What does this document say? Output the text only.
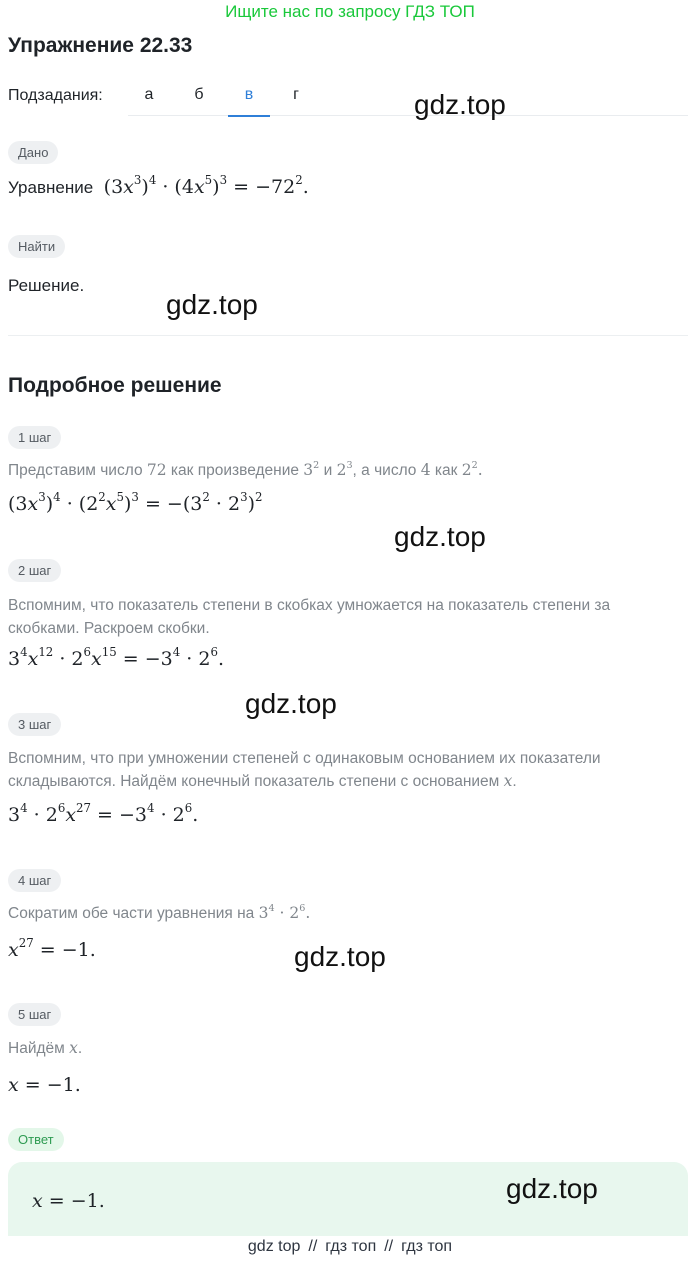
Ищите нас по запросу ГДЗ ТОП
Упражнение 22.33
Подзадания:	а	б	в	г	gdz.top
Дано
Уравнение  $(3x^3)^4 \cdot (4x^5)^3 = -72^2$.
Найти
Решение.
gdz.top
Подробное решение
1 шаг
Представим число 72 как произведение $3^2$ и $2^3$, а число 4 как $2^2$.
$(3x^3)^4 \cdot (2^2x^5)^3 = -(3^2 \cdot 2^3)^2$
gdz.top
2 шаг
Вспомним, что показатель степени в скобках умножается на показатель степени за
скобками. Раскроем скобки.
$3^4x^{12} \cdot 2^6x^{15} = -3^4 \cdot 2^6$.
gdz.top
3 шаг
Вспомним, что при умножении степеней с одинаковым основанием их показатели
складываются. Найдём конечный показатель степени с основанием x.
$3^4 \cdot 2^6x^{27} = -3^4 \cdot 2^6$.
4 шаг
Сократим обе части уравнения на $3^4 \cdot 2^6$.
$x^{27} = -1$.	gdz.top
5 шаг
Найдём x.
x = −1.
Ответ
x = −1.	gdz.top
gdz top // гдз топ // гдз топ
